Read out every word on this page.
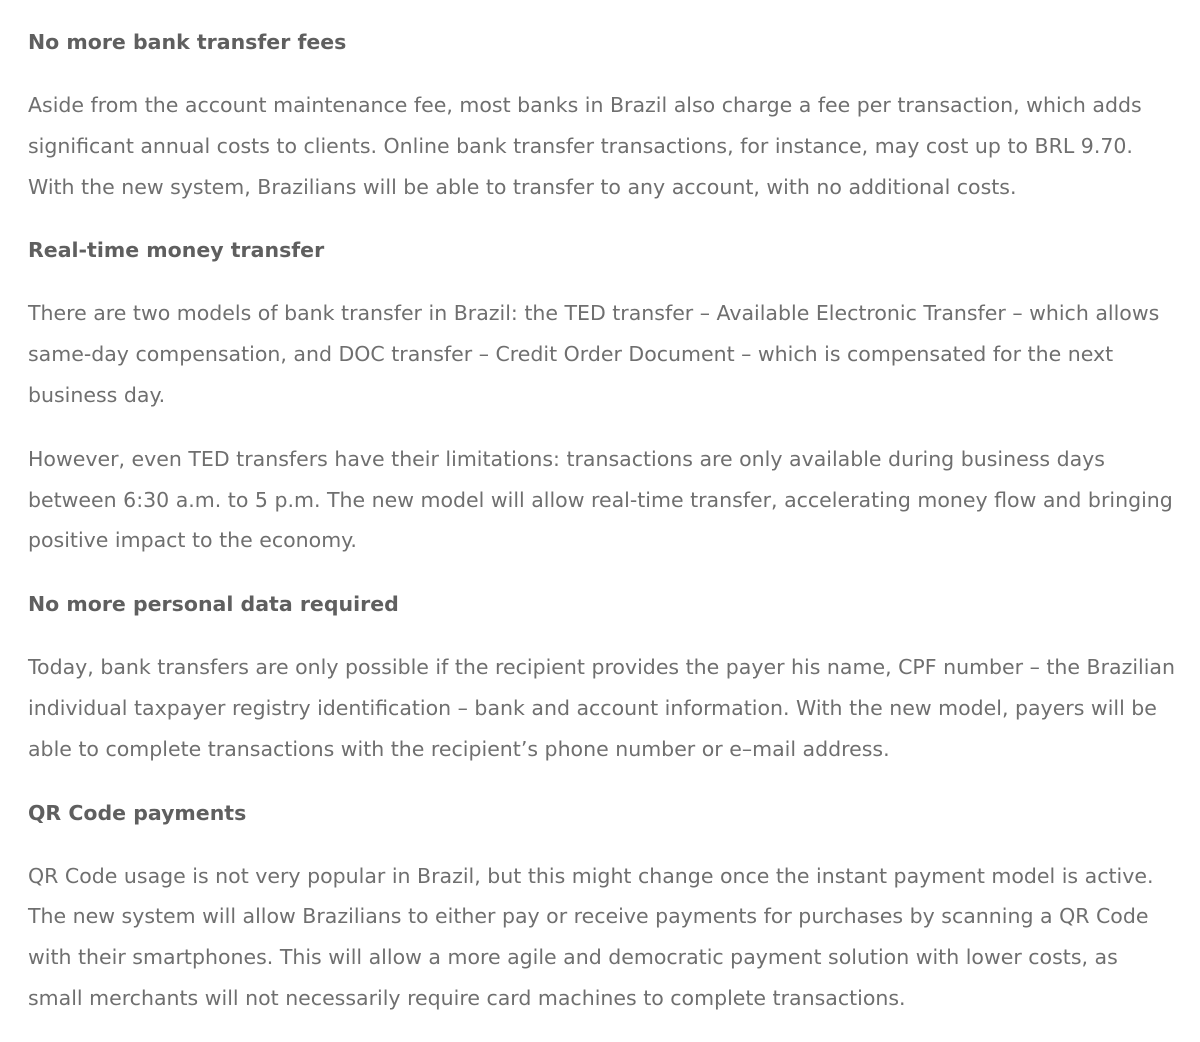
No more bank transfer fees

Aside from the account maintenance fee, most banks in Brazil also charge a fee per transaction, which adds
significant annual costs to clients. Online bank transfer transactions, for instance, may cost up to BRL 9.70.
With the new system, Brazilians will be able to transfer to any account, with no additional costs.

Real-time money transfer

There are two models of bank transfer in Brazil: the TED transfer – Available Electronic Transfer – which allows
same-day compensation, and DOC transfer – Credit Order Document – which is compensated for the next
business day.

However, even TED transfers have their limitations: transactions are only available during business days
between 6:30 a.m. to 5 p.m. The new model will allow real-time transfer, accelerating money flow and bringing
positive impact to the economy.

No more personal data required

Today, bank transfers are only possible if the recipient provides the payer his name, CPF number – the Brazilian
individual taxpayer registry identification – bank and account information. With the new model, payers will be
able to complete transactions with the recipient’s phone number or e–mail address.

QR Code payments

QR Code usage is not very popular in Brazil, but this might change once the instant payment model is active.
The new system will allow Brazilians to either pay or receive payments for purchases by scanning a QR Code
with their smartphones. This will allow a more agile and democratic payment solution with lower costs, as
small merchants will not necessarily require card machines to complete transactions.
